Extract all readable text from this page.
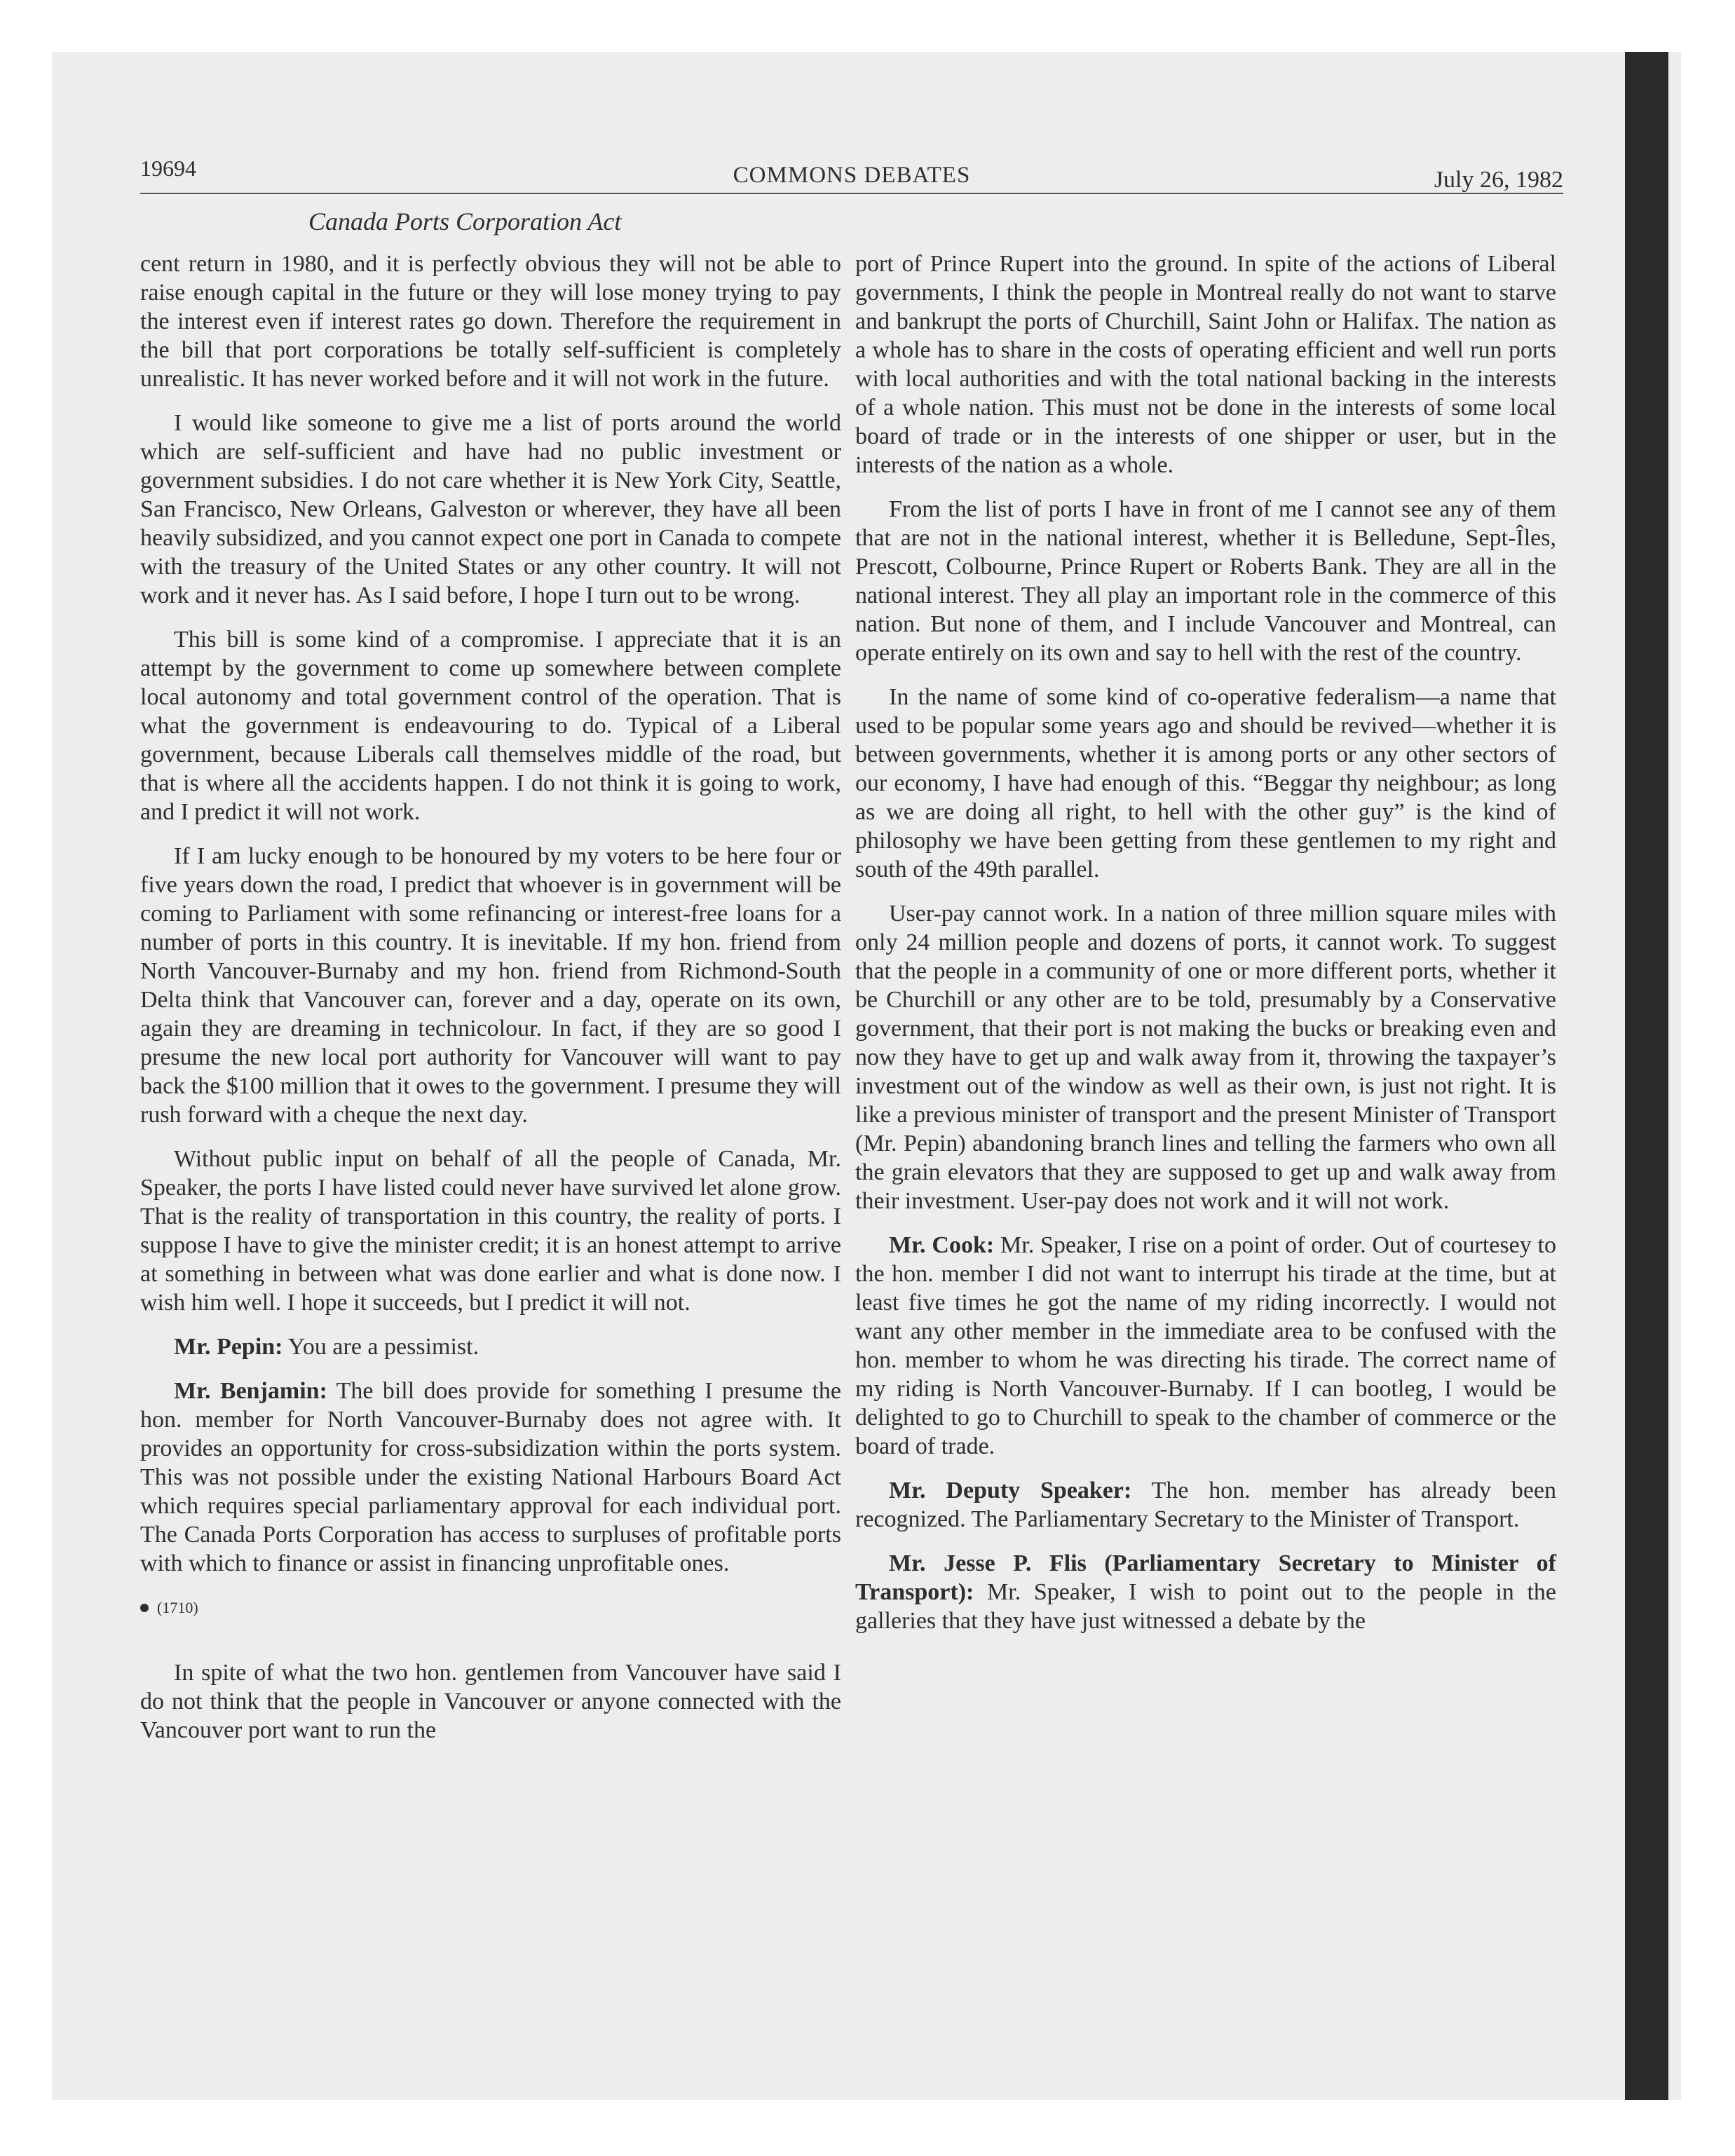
19694	COMMONS DEBATES	July 26, 1982
Canada Ports Corporation Act

cent return in 1980, and it is perfectly obvious they will not be able to raise enough capital in the future or they will lose money trying to pay the interest even if interest rates go down. Therefore the requirement in the bill that port corporations be totally self-sufficient is completely unrealistic. It has never worked before and it will not work in the future.

I would like someone to give me a list of ports around the world which are self-sufficient and have had no public investment or government subsidies. I do not care whether it is New York City, Seattle, San Francisco, New Orleans, Galveston or wherever, they have all been heavily subsidized, and you cannot expect one port in Canada to compete with the treasury of the United States or any other country. It will not work and it never has. As I said before, I hope I turn out to be wrong.

This bill is some kind of a compromise. I appreciate that it is an attempt by the government to come up somewhere between complete local autonomy and total government control of the operation. That is what the government is endeavouring to do. Typical of a Liberal government, because Liberals call themselves middle of the road, but that is where all the accidents happen. I do not think it is going to work, and I predict it will not work.

If I am lucky enough to be honoured by my voters to be here four or five years down the road, I predict that whoever is in government will be coming to Parliament with some refinancing or interest-free loans for a number of ports in this country. It is inevitable. If my hon. friend from North Vancouver-Burnaby and my hon. friend from Richmond-South Delta think that Vancouver can, forever and a day, operate on its own, again they are dreaming in technicolour. In fact, if they are so good I presume the new local port authority for Vancouver will want to pay back the $100 million that it owes to the government. I presume they will rush forward with a cheque the next day.

Without public input on behalf of all the people of Canada, Mr. Speaker, the ports I have listed could never have survived let alone grow. That is the reality of transportation in this country, the reality of ports. I suppose I have to give the minister credit; it is an honest attempt to arrive at something in between what was done earlier and what is done now. I wish him well. I hope it succeeds, but I predict it will not.

Mr. Pepin: You are a pessimist.

Mr. Benjamin: The bill does provide for something I presume the hon. member for North Vancouver-Burnaby does not agree with. It provides an opportunity for cross-subsidization within the ports system. This was not possible under the existing National Harbours Board Act which requires special parliamentary approval for each individual port. The Canada Ports Corporation has access to surpluses of profitable ports with which to finance or assist in financing unprofitable ones.

(1710)

In spite of what the two hon. gentlemen from Vancouver have said I do not think that the people in Vancouver or anyone connected with the Vancouver port want to run the

port of Prince Rupert into the ground. In spite of the actions of Liberal governments, I think the people in Montreal really do not want to starve and bankrupt the ports of Churchill, Saint John or Halifax. The nation as a whole has to share in the costs of operating efficient and well run ports with local authorities and with the total national backing in the interests of a whole nation. This must not be done in the interests of some local board of trade or in the interests of one shipper or user, but in the interests of the nation as a whole.

From the list of ports I have in front of me I cannot see any of them that are not in the national interest, whether it is Belledune, Sept-Îles, Prescott, Colbourne, Prince Rupert or Roberts Bank. They are all in the national interest. They all play an important role in the commerce of this nation. But none of them, and I include Vancouver and Montreal, can operate entirely on its own and say to hell with the rest of the country.

In the name of some kind of co-operative federalism—a name that used to be popular some years ago and should be revived—whether it is between governments, whether it is among ports or any other sectors of our economy, I have had enough of this. “Beggar thy neighbour; as long as we are doing all right, to hell with the other guy” is the kind of philosophy we have been getting from these gentlemen to my right and south of the 49th parallel.

User-pay cannot work. In a nation of three million square miles with only 24 million people and dozens of ports, it cannot work. To suggest that the people in a community of one or more different ports, whether it be Churchill or any other are to be told, presumably by a Conservative government, that their port is not making the bucks or breaking even and now they have to get up and walk away from it, throwing the taxpayer’s investment out of the window as well as their own, is just not right. It is like a previous minister of transport and the present Minister of Transport (Mr. Pepin) abandoning branch lines and telling the farmers who own all the grain elevators that they are supposed to get up and walk away from their investment. User-pay does not work and it will not work.

Mr. Cook: Mr. Speaker, I rise on a point of order. Out of courtesey to the hon. member I did not want to interrupt his tirade at the time, but at least five times he got the name of my riding incorrectly. I would not want any other member in the immediate area to be confused with the hon. member to whom he was directing his tirade. The correct name of my riding is North Vancouver-Burnaby. If I can bootleg, I would be delighted to go to Churchill to speak to the chamber of commerce or the board of trade.

Mr. Deputy Speaker: The hon. member has already been recognized. The Parliamentary Secretary to the Minister of Transport.

Mr. Jesse P. Flis (Parliamentary Secretary to Minister of Transport): Mr. Speaker, I wish to point out to the people in the galleries that they have just witnessed a debate by the
